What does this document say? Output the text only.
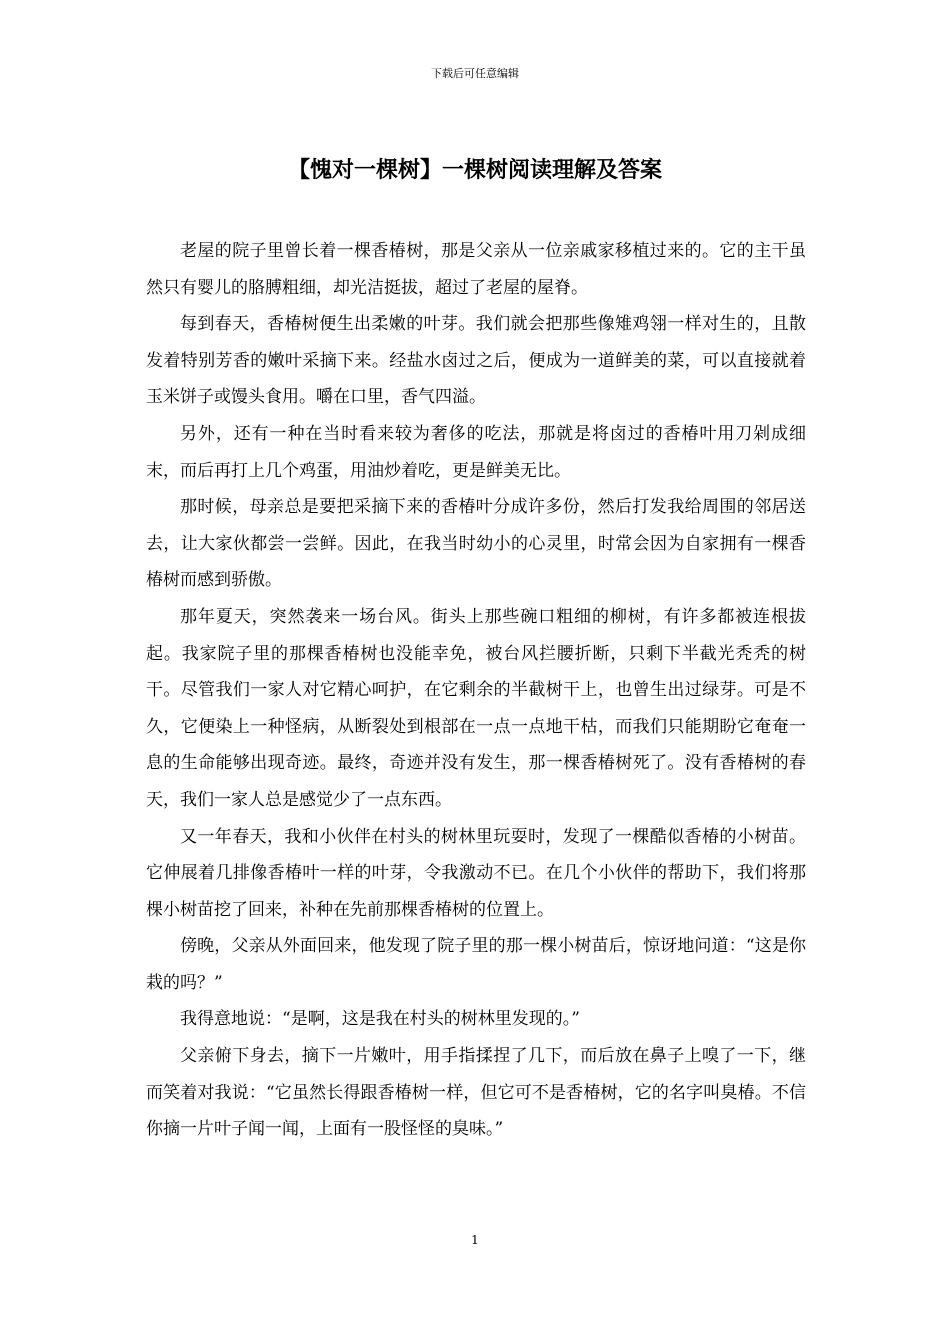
下载后可任意编辑
【愧对一棵树】一棵树阅读理解及答案

老屋的院子里曾长着一棵香椿树，那是父亲从一位亲戚家移植过来的。它的主干虽然只有婴儿的胳膊粗细，却光洁挺拔，超过了老屋的屋脊。

每到春天，香椿树便生出柔嫩的叶芽。我们就会把那些像雉鸡翎一样对生的，且散发着特别芳香的嫩叶采摘下来。经盐水卤过之后，便成为一道鲜美的菜，可以直接就着玉米饼子或馒头食用。嚼在口里，香气四溢。

另外，还有一种在当时看来较为奢侈的吃法，那就是将卤过的香椿叶用刀剁成细末，而后再打上几个鸡蛋，用油炒着吃，更是鲜美无比。

那时候，母亲总是要把采摘下来的香椿叶分成许多份，然后打发我给周围的邻居送去，让大家伙都尝一尝鲜。因此，在我当时幼小的心灵里，时常会因为自家拥有一棵香椿树而感到骄傲。

那年夏天，突然袭来一场台风。街头上那些碗口粗细的柳树，有许多都被连根拔起。我家院子里的那棵香椿树也没能幸免，被台风拦腰折断，只剩下半截光秃秃的树干。尽管我们一家人对它精心呵护，在它剩余的半截树干上，也曾生出过绿芽。可是不久，它便染上一种怪病，从断裂处到根部在一点一点地干枯，而我们只能期盼它奄奄一息的生命能够出现奇迹。最终，奇迹并没有发生，那一棵香椿树死了。没有香椿树的春天，我们一家人总是感觉少了一点东西。

又一年春天，我和小伙伴在村头的树林里玩耍时，发现了一棵酷似香椿的小树苗。它伸展着几排像香椿叶一样的叶芽，令我激动不已。在几个小伙伴的帮助下，我们将那棵小树苗挖了回来，补种在先前那棵香椿树的位置上。

傍晚，父亲从外面回来，他发现了院子里的那一棵小树苗后，惊讶地问道：“这是你栽的吗？”

我得意地说：“是啊，这是我在村头的树林里发现的。”

父亲俯下身去，摘下一片嫩叶，用手指揉捏了几下，而后放在鼻子上嗅了一下，继而笑着对我说：“它虽然长得跟香椿树一样，但它可不是香椿树，它的名字叫臭椿。不信你摘一片叶子闻一闻，上面有一股怪怪的臭味。”

1
